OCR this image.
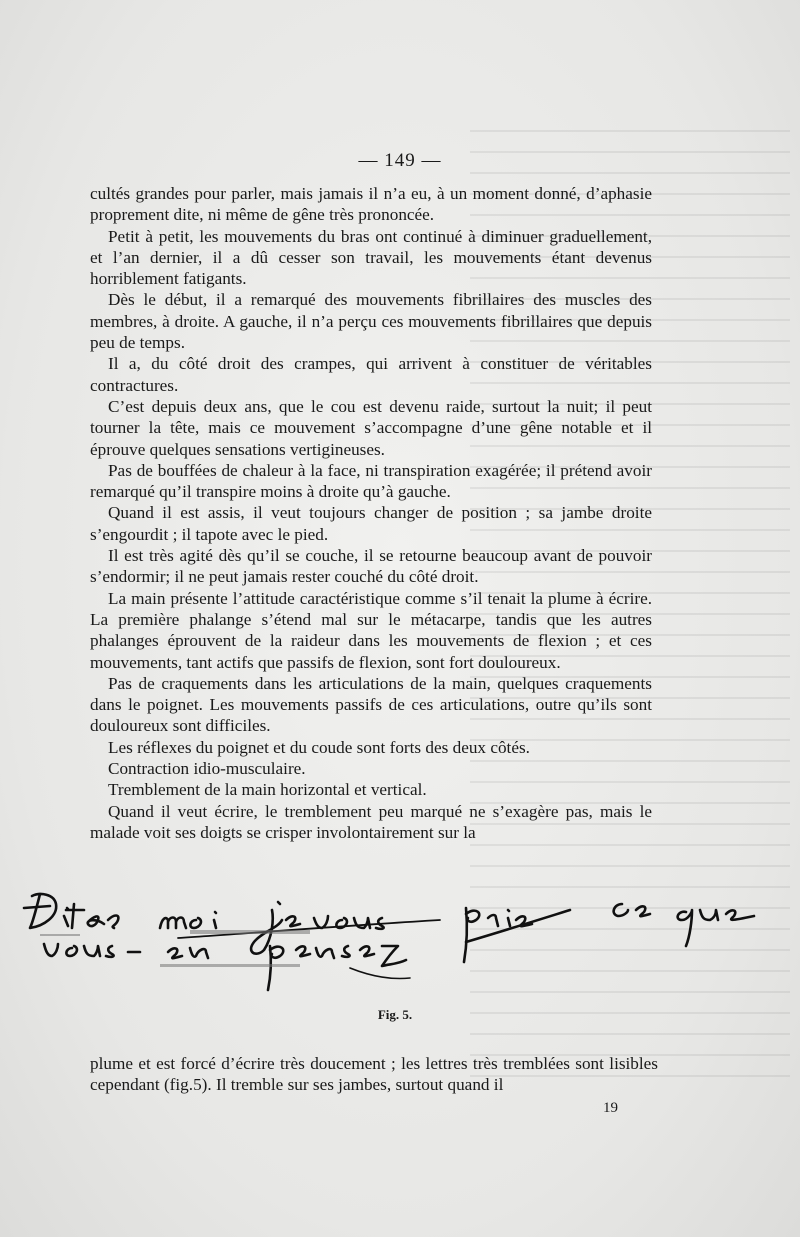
— 149 —

cultés grandes pour parler, mais jamais il n’a eu, à un moment donné, d’aphasie proprement dite, ni même de gêne très prononcée.

Petit à petit, les mouvements du bras ont continué à diminuer graduellement, et l’an dernier, il a dû cesser son travail, les mouvements étant devenus horriblement fatigants.

Dès le début, il a remarqué des mouvements fibrillaires des muscles des membres, à droite. A gauche, il n’a perçu ces mouvements fibrillaires que depuis peu de temps.

Il a, du côté droit des crampes, qui arrivent à constituer de véritables contractures.

C’est depuis deux ans, que le cou est devenu raide, surtout la nuit; il peut tourner la tête, mais ce mouvement s’accompagne d’une gêne notable et il éprouve quelques sensations vertigineuses.

Pas de bouffées de chaleur à la face, ni transpiration exagérée; il prétend avoir remarqué qu’il transpire moins à droite qu’à gauche.

Quand il est assis, il veut toujours changer de position ; sa jambe droite s’engourdit ; il tapote avec le pied.

Il est très agité dès qu’il se couche, il se retourne beaucoup avant de pouvoir s’endormir; il ne peut jamais rester couché du côté droit.

La main présente l’attitude caractéristique comme s’il tenait la plume à écrire. La première phalange s’étend mal sur le métacarpe, tandis que les autres phalanges éprouvent de la raideur dans les mouvements de flexion ; et ces mouvements, tant actifs que passifs de flexion, sont fort douloureux.

Pas de craquements dans les articulations de la main, quelques craquements dans le poignet. Les mouvements passifs de ces articulations, outre qu’ils sont douloureux sont difficiles.

Les réflexes du poignet et du coude sont forts des deux côtés.

Contraction idio-musculaire.

Tremblement de la main horizontal et vertical.

Quand il veut écrire, le tremblement peu marqué ne s’exagère pas, mais le malade voit ses doigts se crisper involontairement sur la

Fig. 5.

plume et est forcé d’écrire très doucement ; les lettres très tremblées sont lisibles cependant (fig.5). Il tremble sur ses jambes, surtout quand il

19
